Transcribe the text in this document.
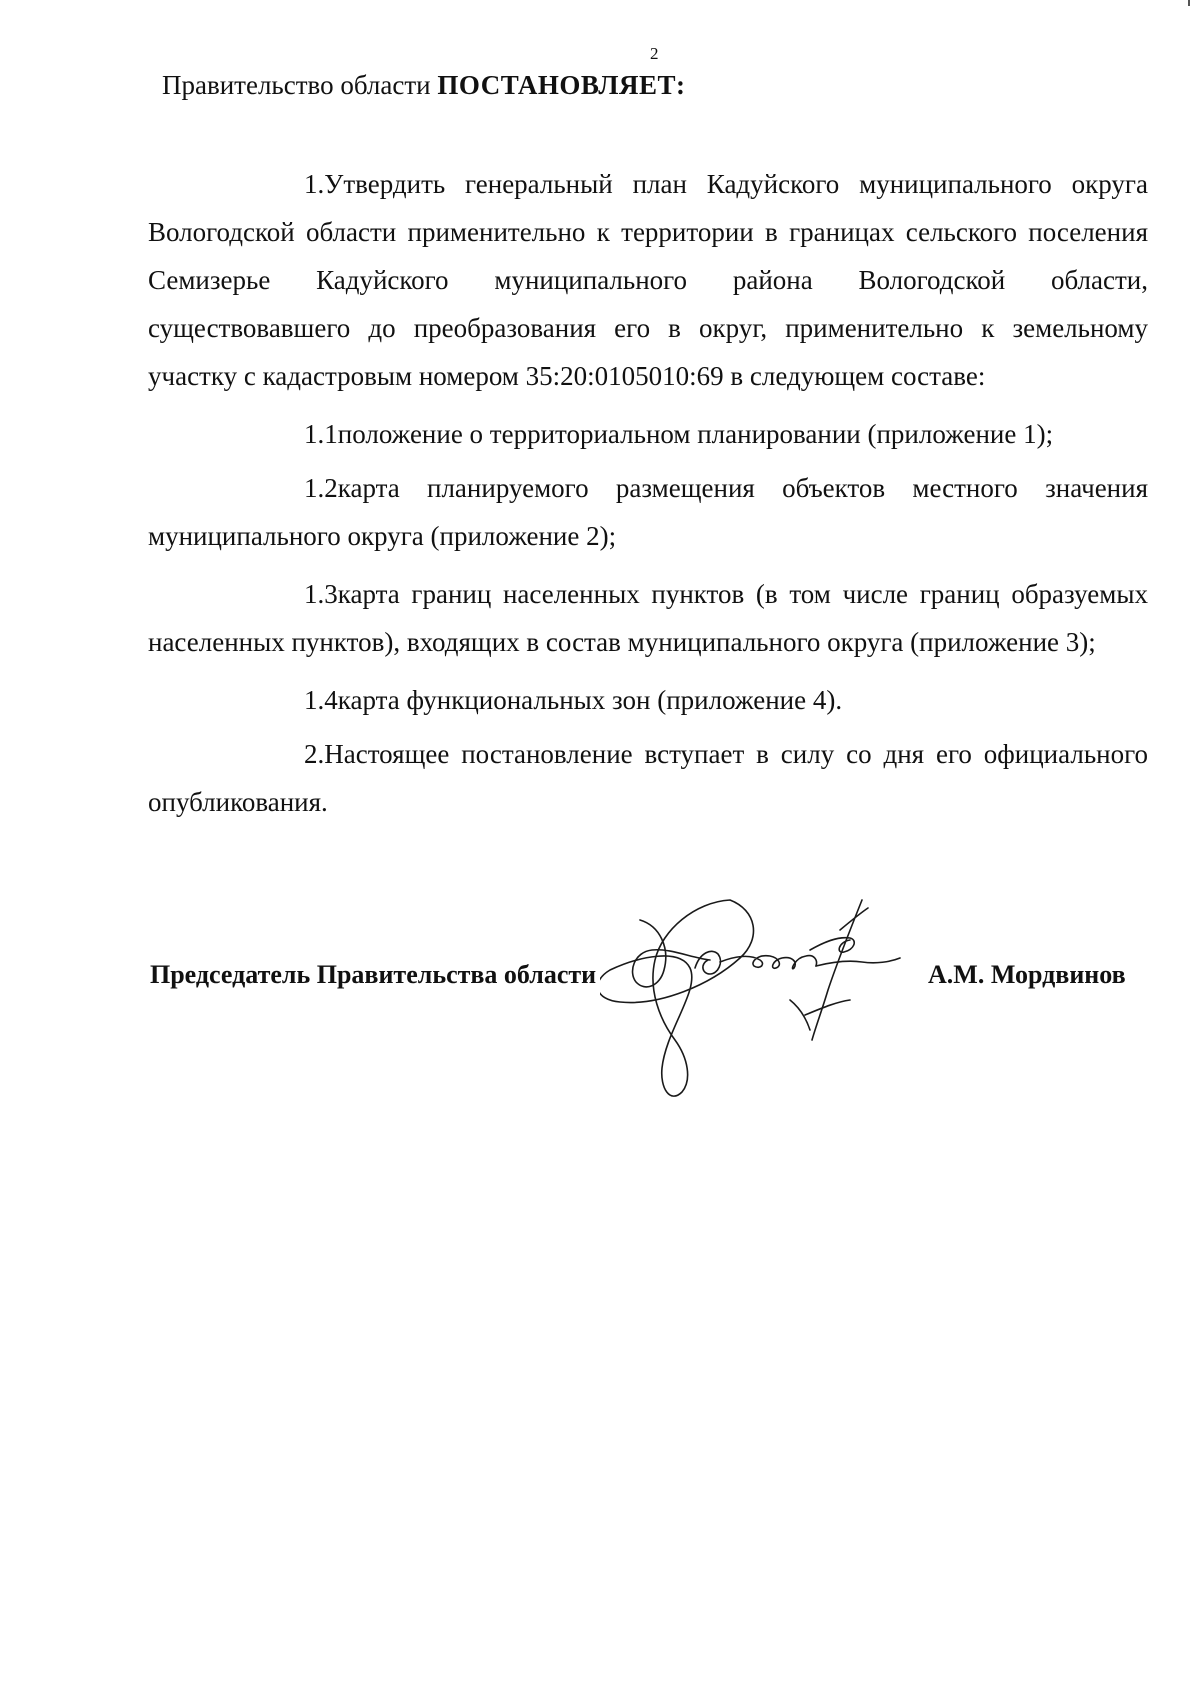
2
Правительство области ПОСТАНОВЛЯЕТ:

1.Утвердить генеральный план Кадуйского муниципального округа Вологодской области применительно к территории в границах сельского поселения Семизерье Кадуйского муниципального района Вологодской области, существовавшего до преобразования его в округ, применительно к земельному участку с кадастровым номером 35:20:0105010:69 в следующем составе:

1.1положение о территориальном планировании (приложение 1);

1.2карта планируемого размещения объектов местного значения муниципального округа (приложение 2);

1.3карта границ населенных пунктов (в том числе границ образуемых населенных пунктов), входящих в состав муниципального округа (приложение 3);

1.4карта функциональных зон (приложение 4).

2.Настоящее постановление вступает в силу со дня его официального опубликования.

Председатель Правительства области	А.М. Мордвинов
